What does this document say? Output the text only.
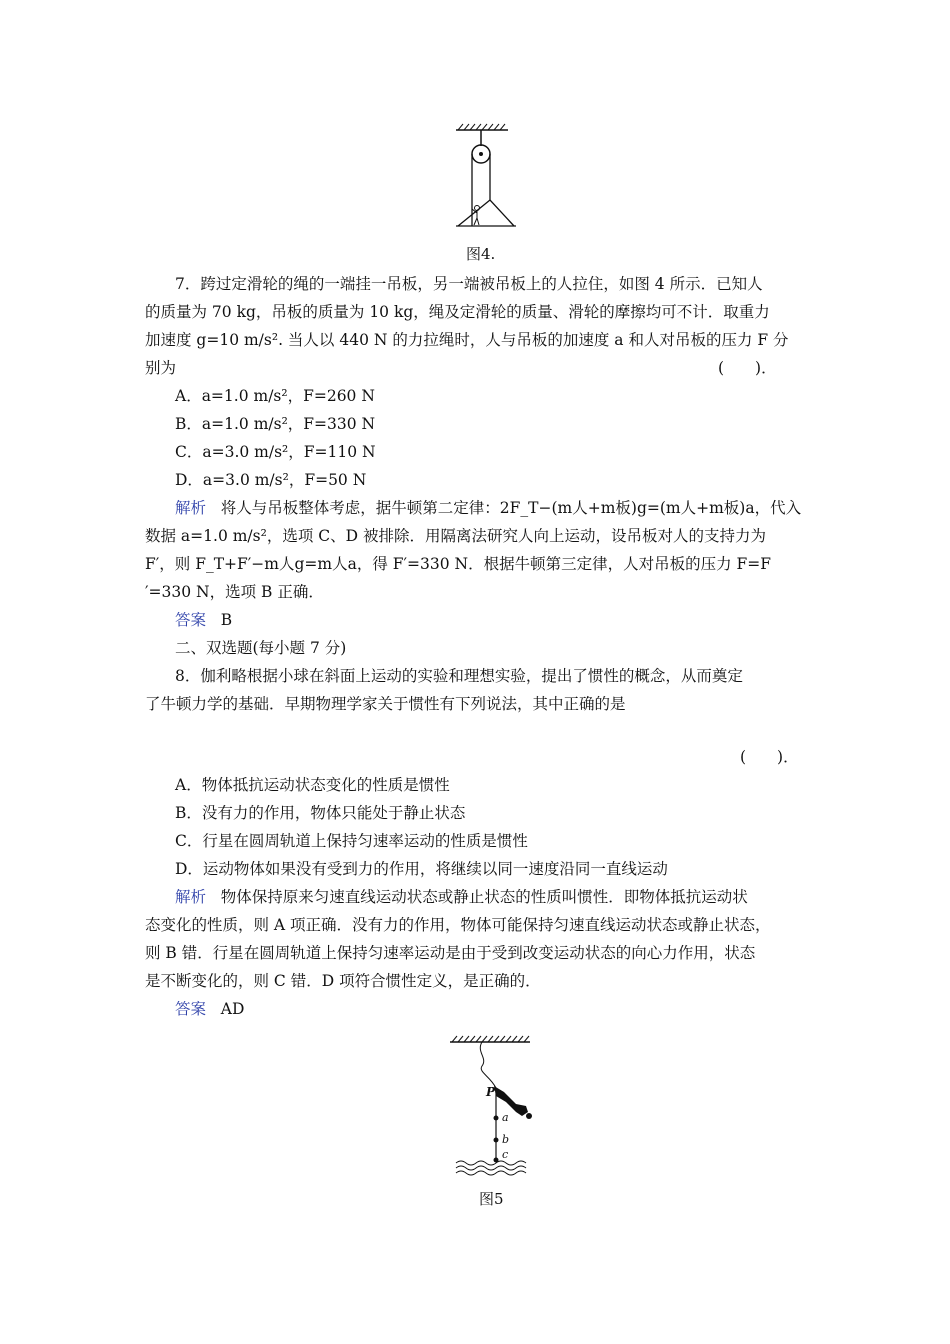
图4.
7．跨过定滑轮的绳的一端挂一吊板，另一端被吊板上的人拉住，如图 4 所示．已知人
的质量为 70 kg，吊板的质量为 10 kg，绳及定滑轮的质量、滑轮的摩擦均可不计．取重力
加速度 g=10 m/s². 当人以 440 N 的力拉绳时，人与吊板的加速度 a 和人对吊板的压力 F 分
别为	(　　)．
A．a=1.0 m/s²，F=260 N
B．a=1.0 m/s²，F=330 N
C．a=3.0 m/s²，F=110 N
D．a=3.0 m/s²，F=50 N
解析 将人与吊板整体考虑，据牛顿第二定律：2F_T−(m人+m板)g=(m人+m板)a，代入
数据 a=1.0 m/s²，选项 C、D 被排除．用隔离法研究人向上运动，设吊板对人的支持力为
F′，则 F_T+F′−m人g=m人a，得 F′=330 N．根据牛顿第三定律，人对吊板的压力 F=F
′=330 N，选项 B 正确．
答案 B
二、双选题(每小题 7 分)
8．伽利略根据小球在斜面上运动的实验和理想实验，提出了惯性的概念，从而奠定
了牛顿力学的基础．早期物理学家关于惯性有下列说法，其中正确的是
(　　)．
A．物体抵抗运动状态变化的性质是惯性
B．没有力的作用，物体只能处于静止状态
C．行星在圆周轨道上保持匀速率运动的性质是惯性
D．运动物体如果没有受到力的作用，将继续以同一速度沿同一直线运动
解析 物体保持原来匀速直线运动状态或静止状态的性质叫惯性．即物体抵抗运动状
态变化的性质，则 A 项正确．没有力的作用，物体可能保持匀速直线运动状态或静止状态，
则 B 错．行星在圆周轨道上保持匀速率运动是由于受到改变运动状态的向心力作用，状态
是不断变化的，则 C 错．D 项符合惯性定义，是正确的．
答案 AD
P
a
b
c
图5
